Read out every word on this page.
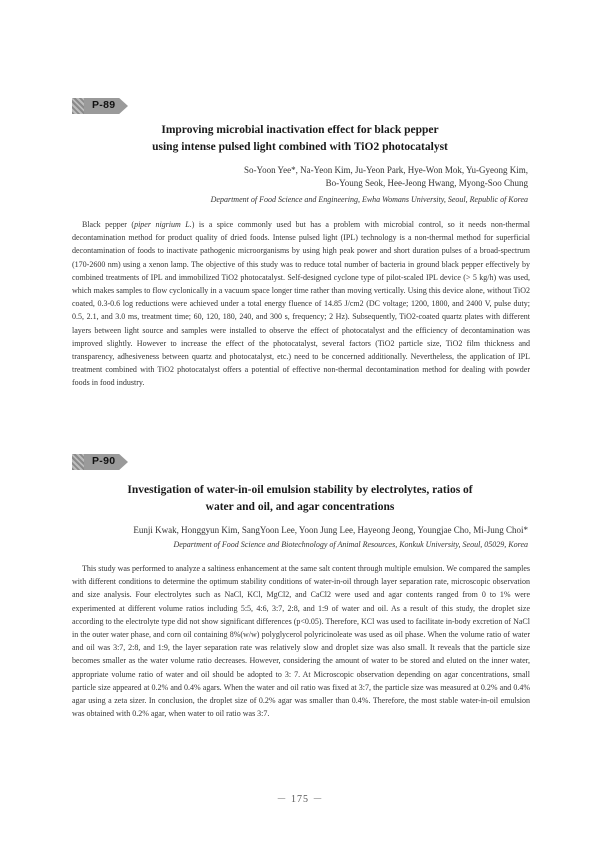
P-89
Improving microbial inactivation effect for black pepper
using intense pulsed light combined with TiO2 photocatalyst
So-Yoon Yee*, Na-Yeon Kim, Ju-Yeon Park, Hye-Won Mok, Yu-Gyeong Kim,
Bo-Young Seok, Hee-Jeong Hwang, Myong-Soo Chung
Department of Food Science and Engineering, Ewha Womans University, Seoul, Republic of Korea

Black pepper (piper nigrium L.) is a spice commonly used but has a problem with microbial control, so it needs non-thermal decontamination method for product quality of dried foods. Intense pulsed light (IPL) technology is a non-thermal method for superficial decontamination of foods to inactivate pathogenic microorganisms by using high peak power and short duration pulses of a broad-spectrum (170-2600 nm) using a xenon lamp. The objective of this study was to reduce total number of bacteria in ground black pepper effectively by combined treatments of IPL and immobilized TiO2 photocatalyst. Self-designed cyclone type of pilot-scaled IPL device (> 5 kg/h) was used, which makes samples to flow cyclonically in a vacuum space longer time rather than moving vertically. Using this device alone, without TiO2 coated, 0.3-0.6 log reductions were achieved under a total energy fluence of 14.85 J/cm2 (DC voltage; 1200, 1800, and 2400 V, pulse duty; 0.5, 2.1, and 3.0 ms, treatment time; 60, 120, 180, 240, and 300 s, frequency; 2 Hz). Subsequently, TiO2-coated quartz plates with different layers between light source and samples were installed to observe the effect of photocatalyst and the efficiency of decontamination was improved slightly. However to increase the effect of the photocatalyst, several factors (TiO2 particle size, TiO2 film thickness and transparency, adhesiveness between quartz and photocatalyst, etc.) need to be concerned additionally. Nevertheless, the application of IPL treatment combined with TiO2 photocatalyst offers a potential of effective non-thermal decontamination method for dealing with powder foods in food industry.

P-90
Investigation of water-in-oil emulsion stability by electrolytes, ratios of
water and oil, and agar concentrations
Eunji Kwak, Honggyun Kim, SangYoon Lee, Yoon Jung Lee, Hayeong Jeong, Youngjae Cho, Mi-Jung Choi*
Department of Food Science and Biotechnology of Animal Resources, Konkuk University, Seoul, 05029, Korea

This study was performed to analyze a saltiness enhancement at the same salt content through multiple emulsion. We compared the samples with different conditions to determine the optimum stability conditions of water-in-oil through layer separation rate, microscopic observation and size analysis. Four electrolytes such as NaCl, KCl, MgCl2, and CaCl2 were used and agar contents ranged from 0 to 1% were experimented at different volume ratios including 5:5, 4:6, 3:7, 2:8, and 1:9 of water and oil. As a result of this study, the droplet size according to the electrolyte type did not show significant differences (p<0.05). Therefore, KCl was used to facilitate in-body excretion of NaCl in the outer water phase, and corn oil containing 8%(w/w) polyglycerol polyricinoleate was used as oil phase. When the volume ratio of water and oil was 3:7, 2:8, and 1:9, the layer separation rate was relatively slow and droplet size was also small. It reveals that the particle size becomes smaller as the water volume ratio decreases. However, considering the amount of water to be stored and eluted on the inner water, appropriate volume ratio of water and oil should be adopted to 3: 7. At Microscopic observation depending on agar concentrations, small particle size appeared at 0.2% and 0.4% agars. When the water and oil ratio was fixed at 3:7, the particle size was measured at 0.2% and 0.4% agar using a zeta sizer. In conclusion, the droplet size of 0.2% agar was smaller than 0.4%. Therefore, the most stable water-in-oil emulsion was obtained with 0.2% agar, when water to oil ratio was 3:7.

－ 175 －
